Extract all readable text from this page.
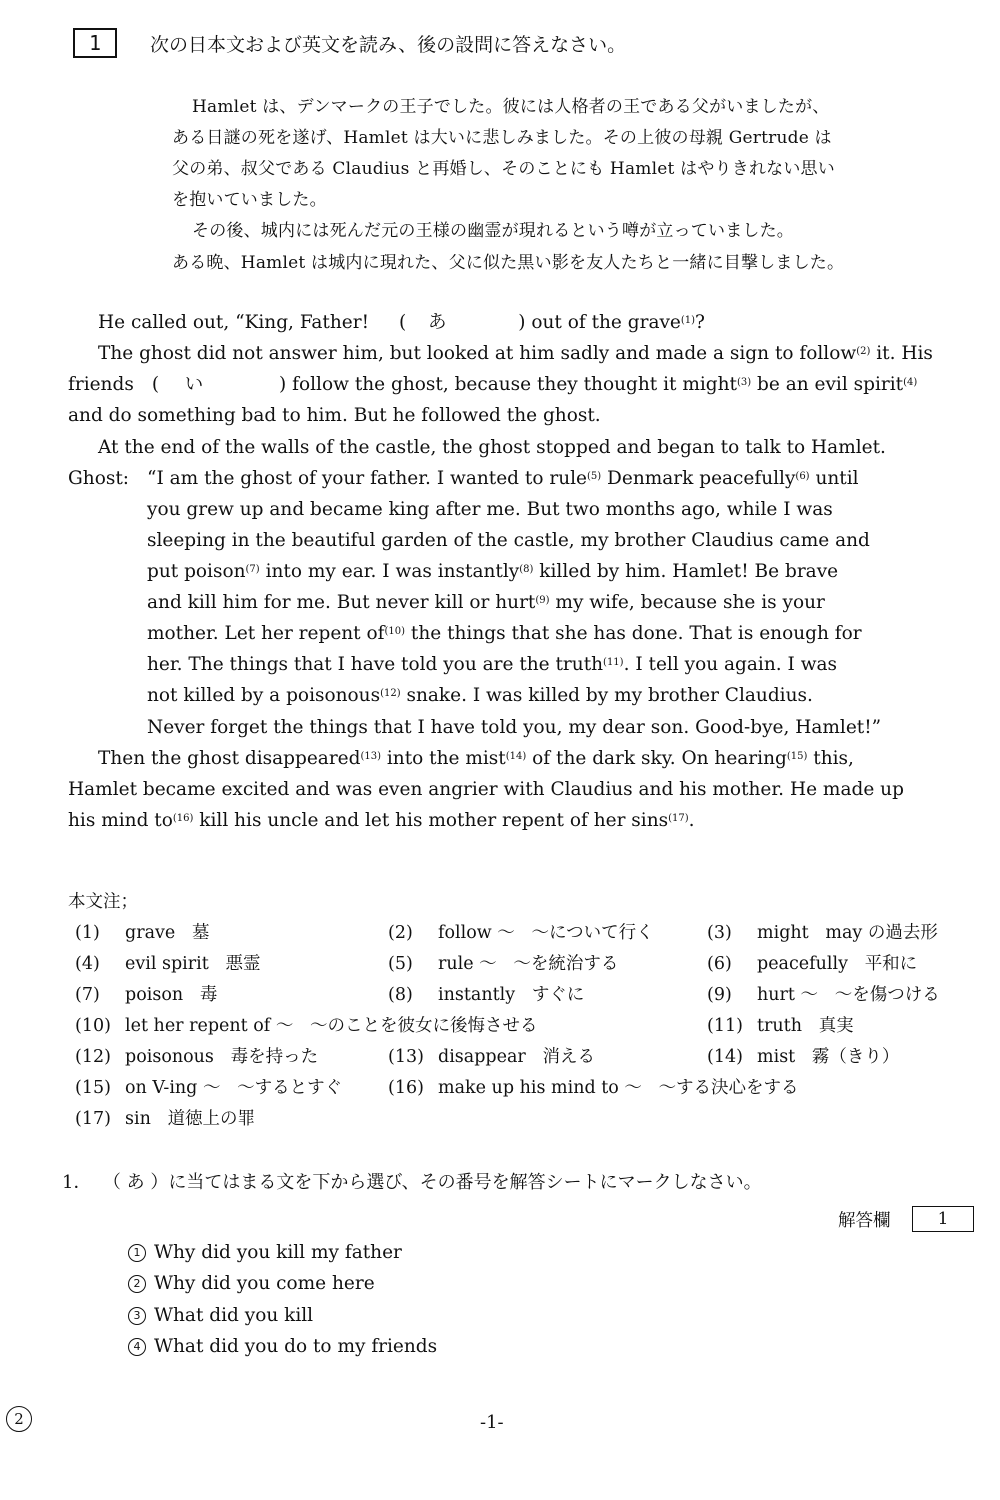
1	次の日本文および英文を読み、後の設問に答えなさい。
Hamlet は、デンマークの王子でした。彼には人格者の王である父がいましたが、
ある日謎の死を遂げ、Hamlet は大いに悲しみました。その上彼の母親 Gertrude は
父の弟、叔父である Claudius と再婚し、そのことにも Hamlet はやりきれない思い
を抱いていました。
その後、城内には死んだ元の王様の幽霊が現れるという噂が立っていました。
ある晩、Hamlet は城内に現れた、父に似た黒い影を友人たちと一緒に目撃しました。
He called out, “King, Father! ( あ	) out of the grave$^{(1)}$?
The ghost did not answer him, but looked at him sadly and made a sign to follow$^{(2)}$ it. His
friends ( い	) follow the ghost, because they thought it might$^{(3)}$ be an evil spirit$^{(4)}$
and do something bad to him. But he followed the ghost.
At the end of the walls of the castle, the ghost stopped and began to talk to Hamlet.
Ghost: “I am the ghost of your father. I wanted to rule$^{(5)}$ Denmark peacefully$^{(6)}$ until
you grew up and became king after me. But two months ago, while I was
sleeping in the beautiful garden of the castle, my brother Claudius came and
put poison$^{(7)}$ into my ear. I was instantly$^{(8)}$ killed by him. Hamlet! Be brave
and kill him for me. But never kill or hurt$^{(9)}$ my wife, because she is your
mother. Let her repent $of^{(10)}$ the things that she has done. That is enough for
her. The things that I have told you are the truth$^{(11)}$. I tell you again. I was
not killed by a poisonous$^{(12)}$ snake. I was killed by my brother Claudius.
Never forget the things that I have told you, my dear son. Good-bye, Hamlet!”
Then the ghost disappeared$^{(13)}$ into the mist$^{(14)}$ of the dark sky. On hearing$^{(15)}$ this,
Hamlet became excited and was even angrier with Claudius and his mother. He made up
his mind $to^{(16)}$ kill his uncle and let his mother repent of her sins$^{(17)}$.
本文注；
(1) grave 墓	(2) follow ～ ～について行く	(3) might may の過去形
(4) evil spirit 悪霊	(5) rule ～ ～を統治する	(6) peacefully 平和に
(7) poison 毒	(8) instantly すぐに	(9) hurt ～ ～を傷つける
(10) let her repent of ～ ～のことを彼女に後悔させる	(11) truth 真実
(12) poisonous 毒を持った	(13) disappear 消える	(14) mist 霧（きり）
(15) on V-ing ～ ～するとすぐ	(16) make up his mind to ～ ～する決心をする
(17) sin 道徳上の罪
1． （ あ ）に当てはまる文を下から選び、その番号を解答シートにマークしなさい。
解答欄	1
1 Why did you kill my father
2 Why did you come here
3 What did you kill
4 What did you do to my friends
2	-1-
